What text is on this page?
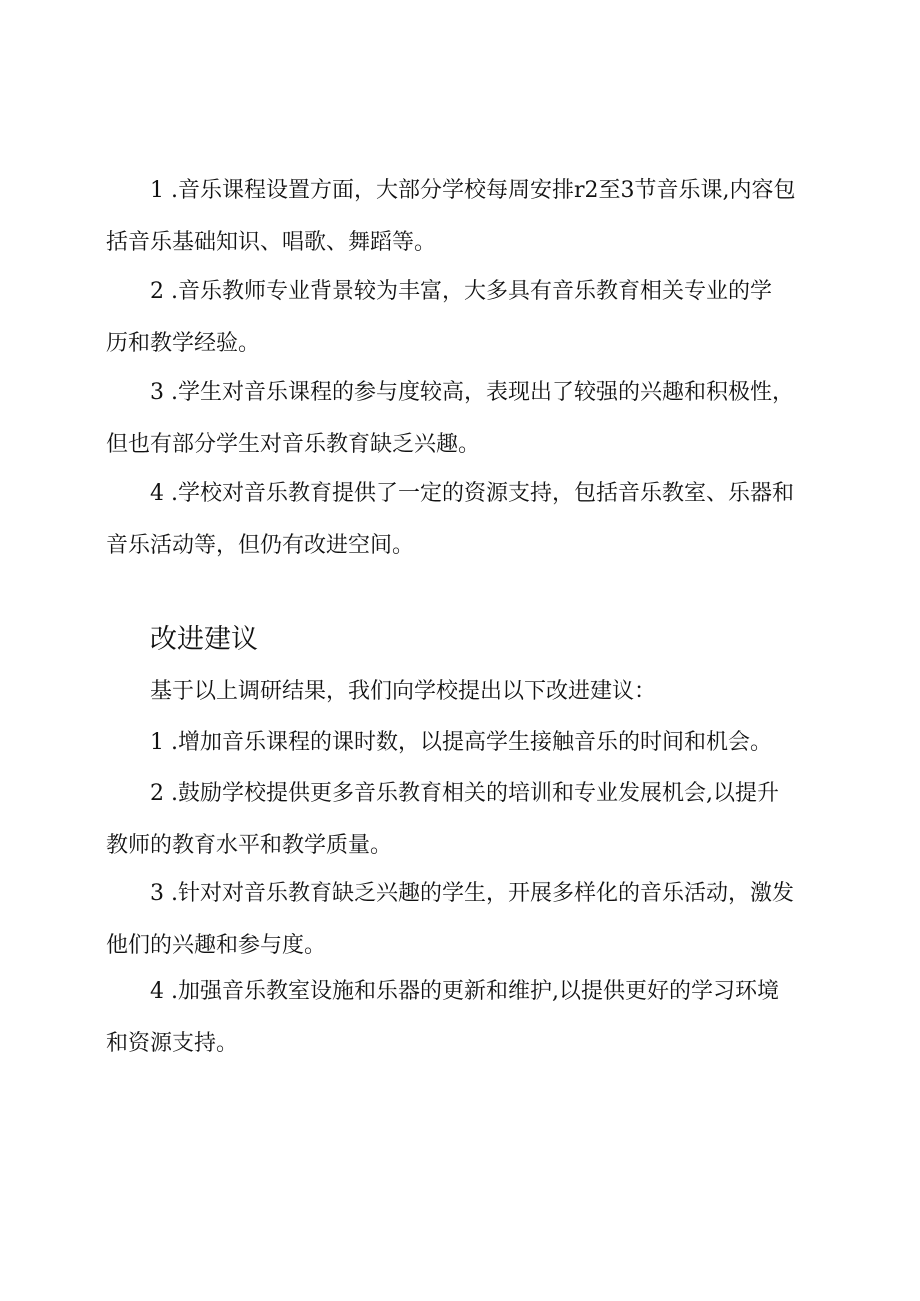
1 .音乐课程设置方面，大部分学校每周安排r2至3节音乐课,内容包
括音乐基础知识、唱歌、舞蹈等。

2 .音乐教师专业背景较为丰富，大多具有音乐教育相关专业的学
历和教学经验。

3 .学生对音乐课程的参与度较高，表现出了较强的兴趣和积极性，
但也有部分学生对音乐教育缺乏兴趣。

4 .学校对音乐教育提供了一定的资源支持，包括音乐教室、乐器和
音乐活动等，但仍有改进空间。

改进建议

基于以上调研结果，我们向学校提出以下改进建议：

1 .增加音乐课程的课时数，以提高学生接触音乐的时间和机会。

2 .鼓励学校提供更多音乐教育相关的培训和专业发展机会,以提升
教师的教育水平和教学质量。

3 .针对对音乐教育缺乏兴趣的学生，开展多样化的音乐活动，激发
他们的兴趣和参与度。

4 .加强音乐教室设施和乐器的更新和维护,以提供更好的学习环境
和资源支持。
